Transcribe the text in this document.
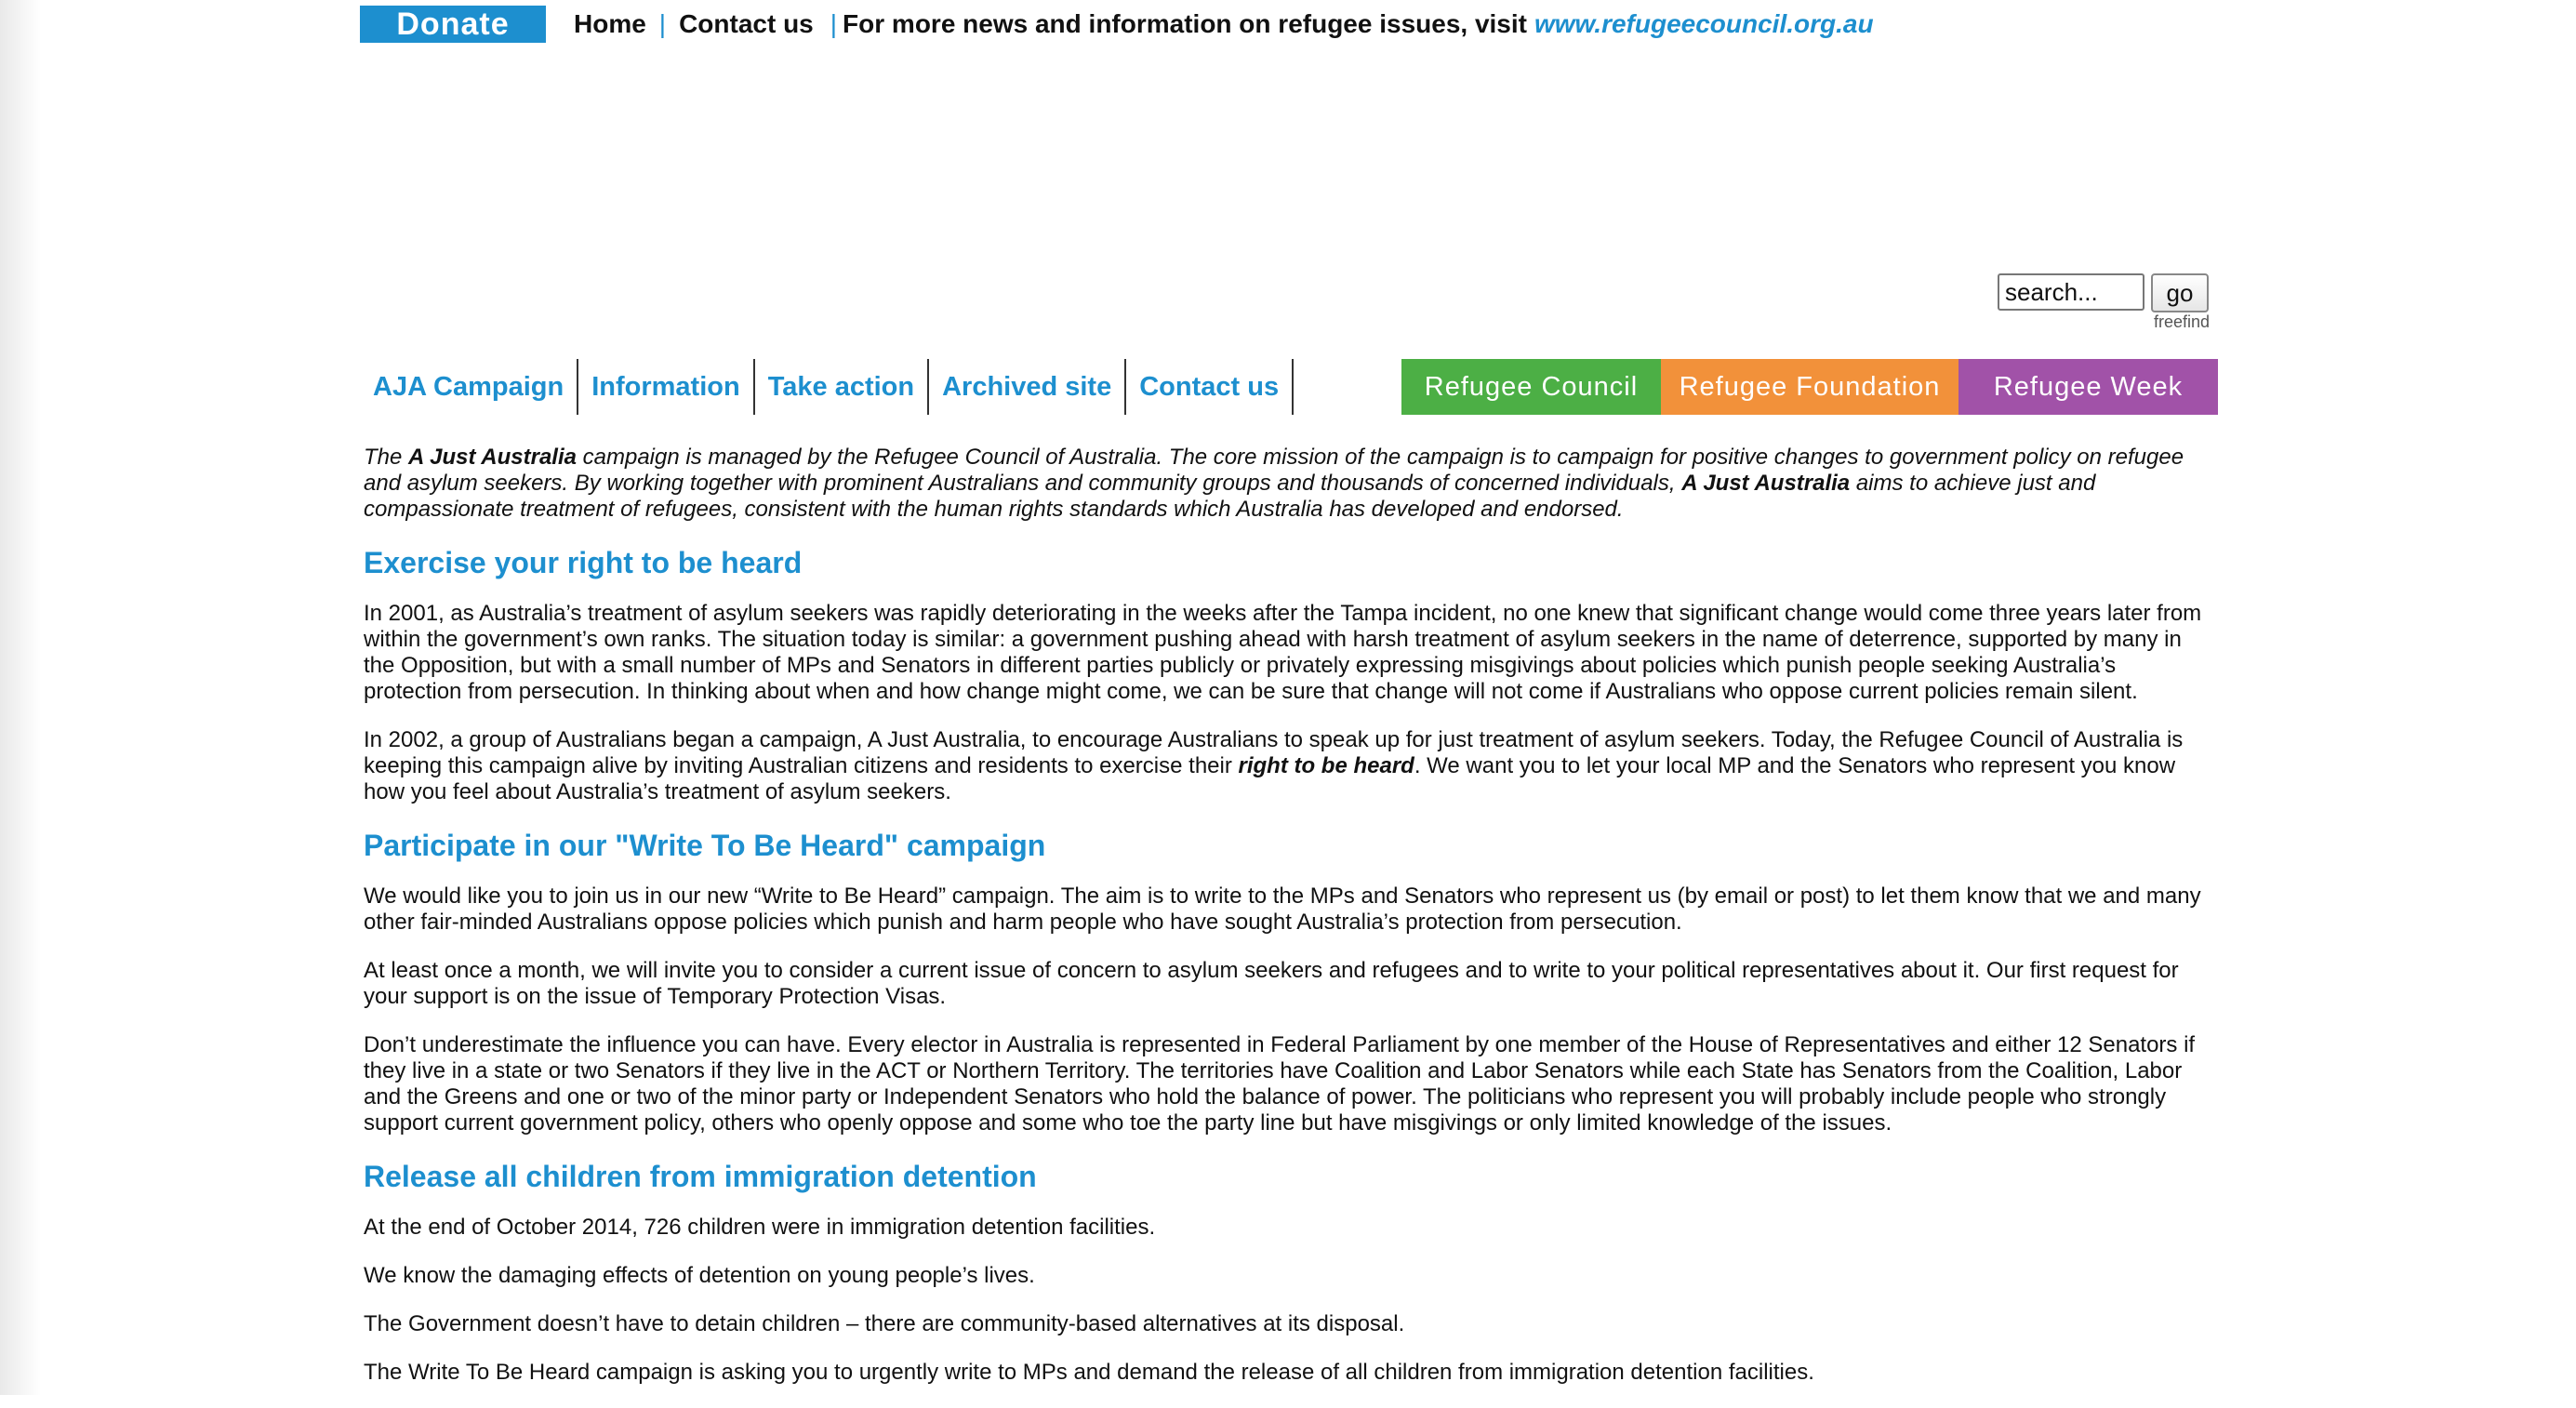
Donate	Home | Contact us | For more news and information on refugee issues, visit www.refugeecouncil.org.au
search...
go
freefind
AJA Campaign	Information	Take action	Archived site	Contact us	Refugee Council	Refugee Foundation	Refugee Week

The A Just Australia campaign is managed by the Refugee Council of Australia. The core mission of the campaign is to campaign for positive changes to government policy on refugee and asylum seekers. By working together with prominent Australians and community groups and thousands of concerned individuals, A Just Australia aims to achieve just and compassionate treatment of refugees, consistent with the human rights standards which Australia has developed and endorsed.

Exercise your right to be heard

In 2001, as Australia’s treatment of asylum seekers was rapidly deteriorating in the weeks after the Tampa incident, no one knew that significant change would come three years later from within the government’s own ranks. The situation today is similar: a government pushing ahead with harsh treatment of asylum seekers in the name of deterrence, supported by many in the Opposition, but with a small number of MPs and Senators in different parties publicly or privately expressing misgivings about policies which punish people seeking Australia’s protection from persecution. In thinking about when and how change might come, we can be sure that change will not come if Australians who oppose current policies remain silent.

In 2002, a group of Australians began a campaign, A Just Australia, to encourage Australians to speak up for just treatment of asylum seekers. Today, the Refugee Council of Australia is keeping this campaign alive by inviting Australian citizens and residents to exercise their right to be heard. We want you to let your local MP and the Senators who represent you know how you feel about Australia’s treatment of asylum seekers.

Participate in our "Write To Be Heard" campaign

We would like you to join us in our new “Write to Be Heard” campaign. The aim is to write to the MPs and Senators who represent us (by email or post) to let them know that we and many other fair-minded Australians oppose policies which punish and harm people who have sought Australia’s protection from persecution.

At least once a month, we will invite you to consider a current issue of concern to asylum seekers and refugees and to write to your political representatives about it. Our first request for your support is on the issue of Temporary Protection Visas.

Don’t underestimate the influence you can have. Every elector in Australia is represented in Federal Parliament by one member of the House of Representatives and either 12 Senators if they live in a state or two Senators if they live in the ACT or Northern Territory. The territories have Coalition and Labor Senators while each State has Senators from the Coalition, Labor and the Greens and one or two of the minor party or Independent Senators who hold the balance of power. The politicians who represent you will probably include people who strongly support current government policy, others who openly oppose and some who toe the party line but have misgivings or only limited knowledge of the issues.

Release all children from immigration detention

At the end of October 2014, 726 children were in immigration detention facilities.

We know the damaging effects of detention on young people’s lives.

The Government doesn’t have to detain children – there are community-based alternatives at its disposal.

The Write To Be Heard campaign is asking you to urgently write to MPs and demand the release of all children from immigration detention facilities.
